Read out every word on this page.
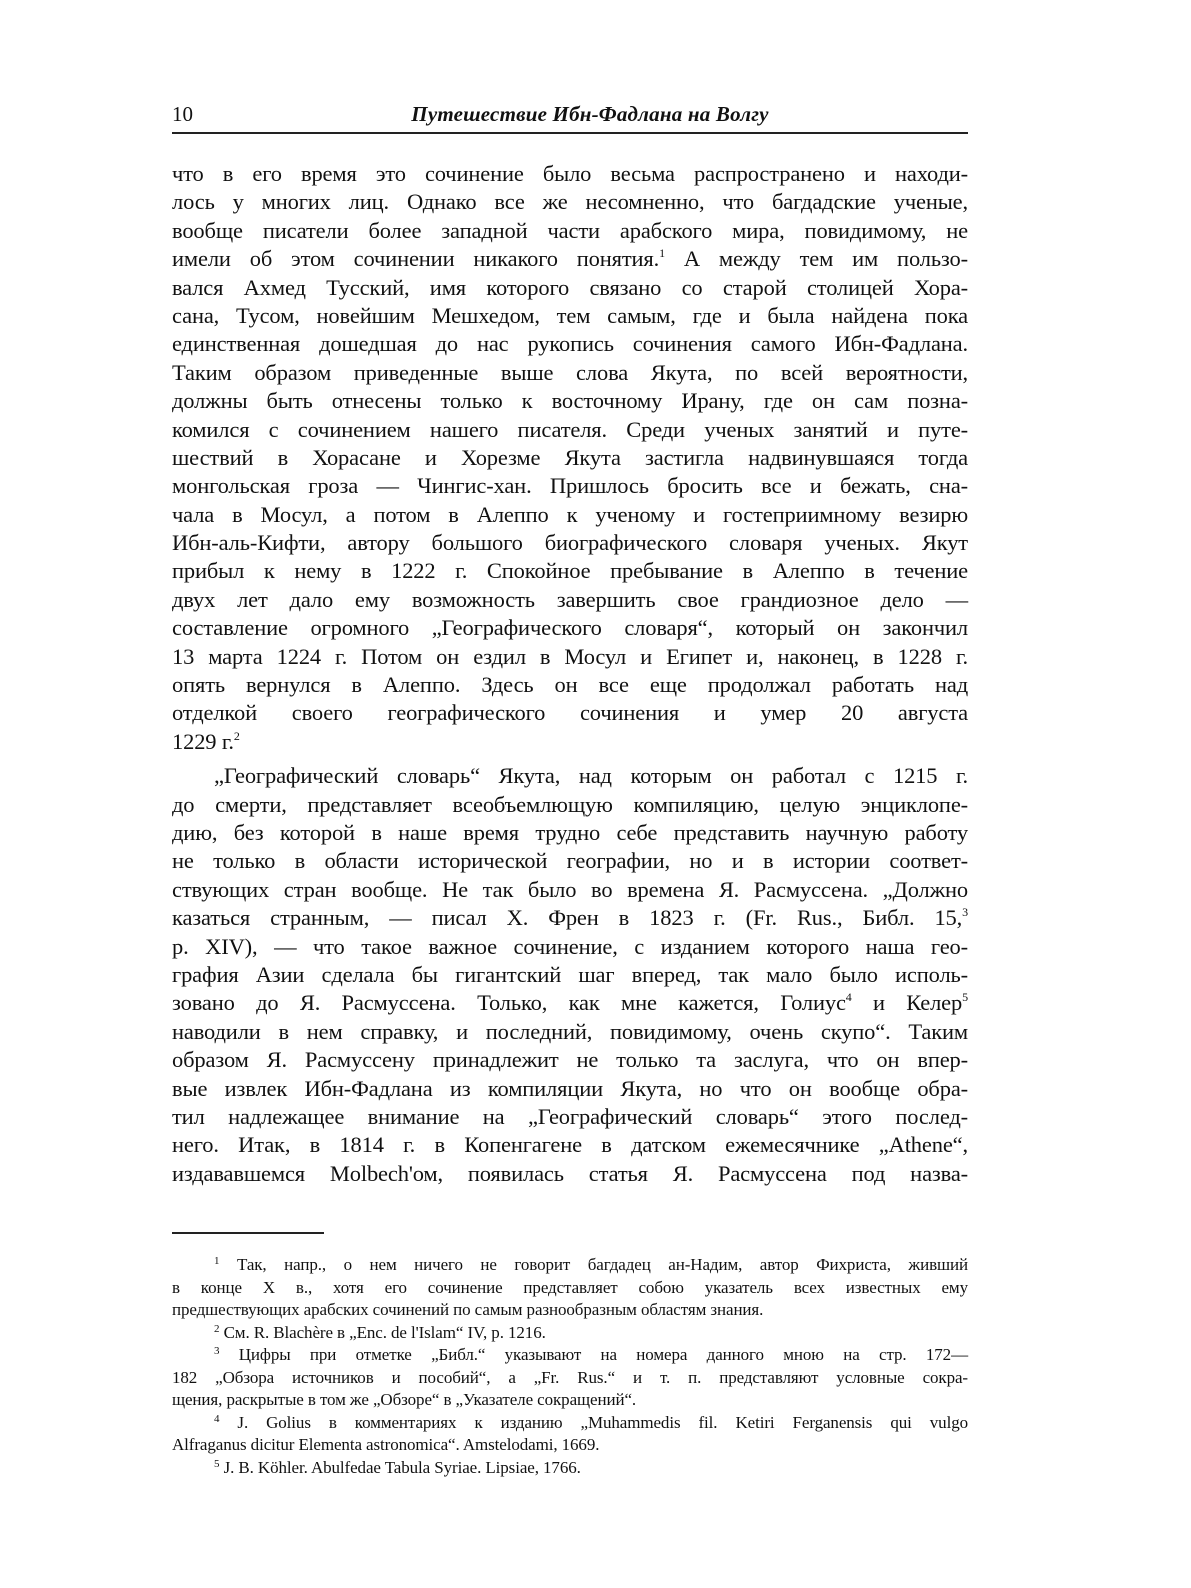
10	Путешествие Ибн-Фадлана на Волгу
что в его время это сочинение было весьма распространено и находи-
лось у многих лиц. Однако все же несомненно, что багдадские ученые,
вообще писатели более западной части арабского мира, повидимому, не
имели об этом сочинении никакого понятия.$^1$ А между тем им пользо-
вался Ахмед Тусский, имя которого связано со старой столицей Хора-
сана, Тусом, новейшим Мешхедом, тем самым, где и была найдена пока
единственная дошедшая до нас рукопись сочинения самого Ибн-Фадлана.
Таким образом приведенные выше слова Якута, по всей вероятности,
должны быть отнесены только к восточному Ирану, где он сам позна-
комился с сочинением нашего писателя. Среди ученых занятий и путе-
шествий в Хорасане и Хорезме Якута застигла надвинувшаяся тогда
монгольская гроза — Чингис-хан. Пришлось бросить все и бежать, сна-
чала в Мосул, а потом в Алеппо к ученому и гостеприимному везирю
Ибн-аль-Кифти, автору большого биографического словаря ученых. Якут
прибыл к нему в 1222 г. Спокойное пребывание в Алеппо в течение
двух лет дало ему возможность завершить свое грандиозное дело —
составление огромного „Географического словаря“, который он закончил
13 марта 1224 г. Потом он ездил в Мосул и Египет и, наконец, в 1228 г.
опять вернулся в Алеппо. Здесь он все еще продолжал работать над
отделкой своего географического сочинения и умер 20 августа
1229 г.$^2$
„Географический словарь“ Якута, над которым он работал с 1215 г.
до смерти, представляет всеобъемлющую компиляцию, целую энциклопе-
дию, без которой в наше время трудно себе представить научную работу
не только в области исторической географии, но и в истории соответ-
ствующих стран вообще. Не так было во времена Я. Расмуссена. „Должно
казаться странным, — писал Х. Френ в 1823 г. (Fr. Rus., Библ. 15,$^3$
р. XIV), — что такое важное сочинение, с изданием которого наша гео-
графия Азии сделала бы гигантский шаг вперед, так мало было исполь-
зовано до Я. Расмуссена. Только, как мне кажется, Голиус$^4$ и Келер$^5$
наводили в нем справку, и последний, повидимому, очень скупо“. Таким
образом Я. Расмуссену принадлежит не только та заслуга, что он впер-
вые извлек Ибн-Фадлана из компиляции Якута, но что он вообще обра-
тил надлежащее внимание на „Географический словарь“ этого послед-
него. Итак, в 1814 г. в Копенгагене в датском ежемесячнике „Athene“,
издававшемся Molbech'ом, появилась статья Я. Расмуссена под назва-
$^1$ Так, напр., о нем ничего не говорит багдадец ан-Надим, автор Фихриста, живший
в конце X в., хотя его сочинение представляет собою указатель всех известных ему
предшествующих арабских сочинений по самым разнообразным областям знания.
$^2$ См. R. Blachère в „Enc. de l'Islam“ IV, p. 1216.
$^3$ Цифры при отметке „Библ.“ указывают на номера данного мною на стр. 172—
182 „Обзора источников и пособий“, а „Fr. Rus.“ и т. п. представляют условные сокра-
щения, раскрытые в том же „Обзоре“ в „Указателе сокращений“.
$^4$ J. Golius в комментариях к изданию „Muhammedis fil. Ketiri Ferganensis qui vulgo
Alfraganus dicitur Elementa astronomica“. Amstelodami, 1669.
$^5$ J. B. Köhler. Abulfedae Tabula Syriae. Lipsiae, 1766.
